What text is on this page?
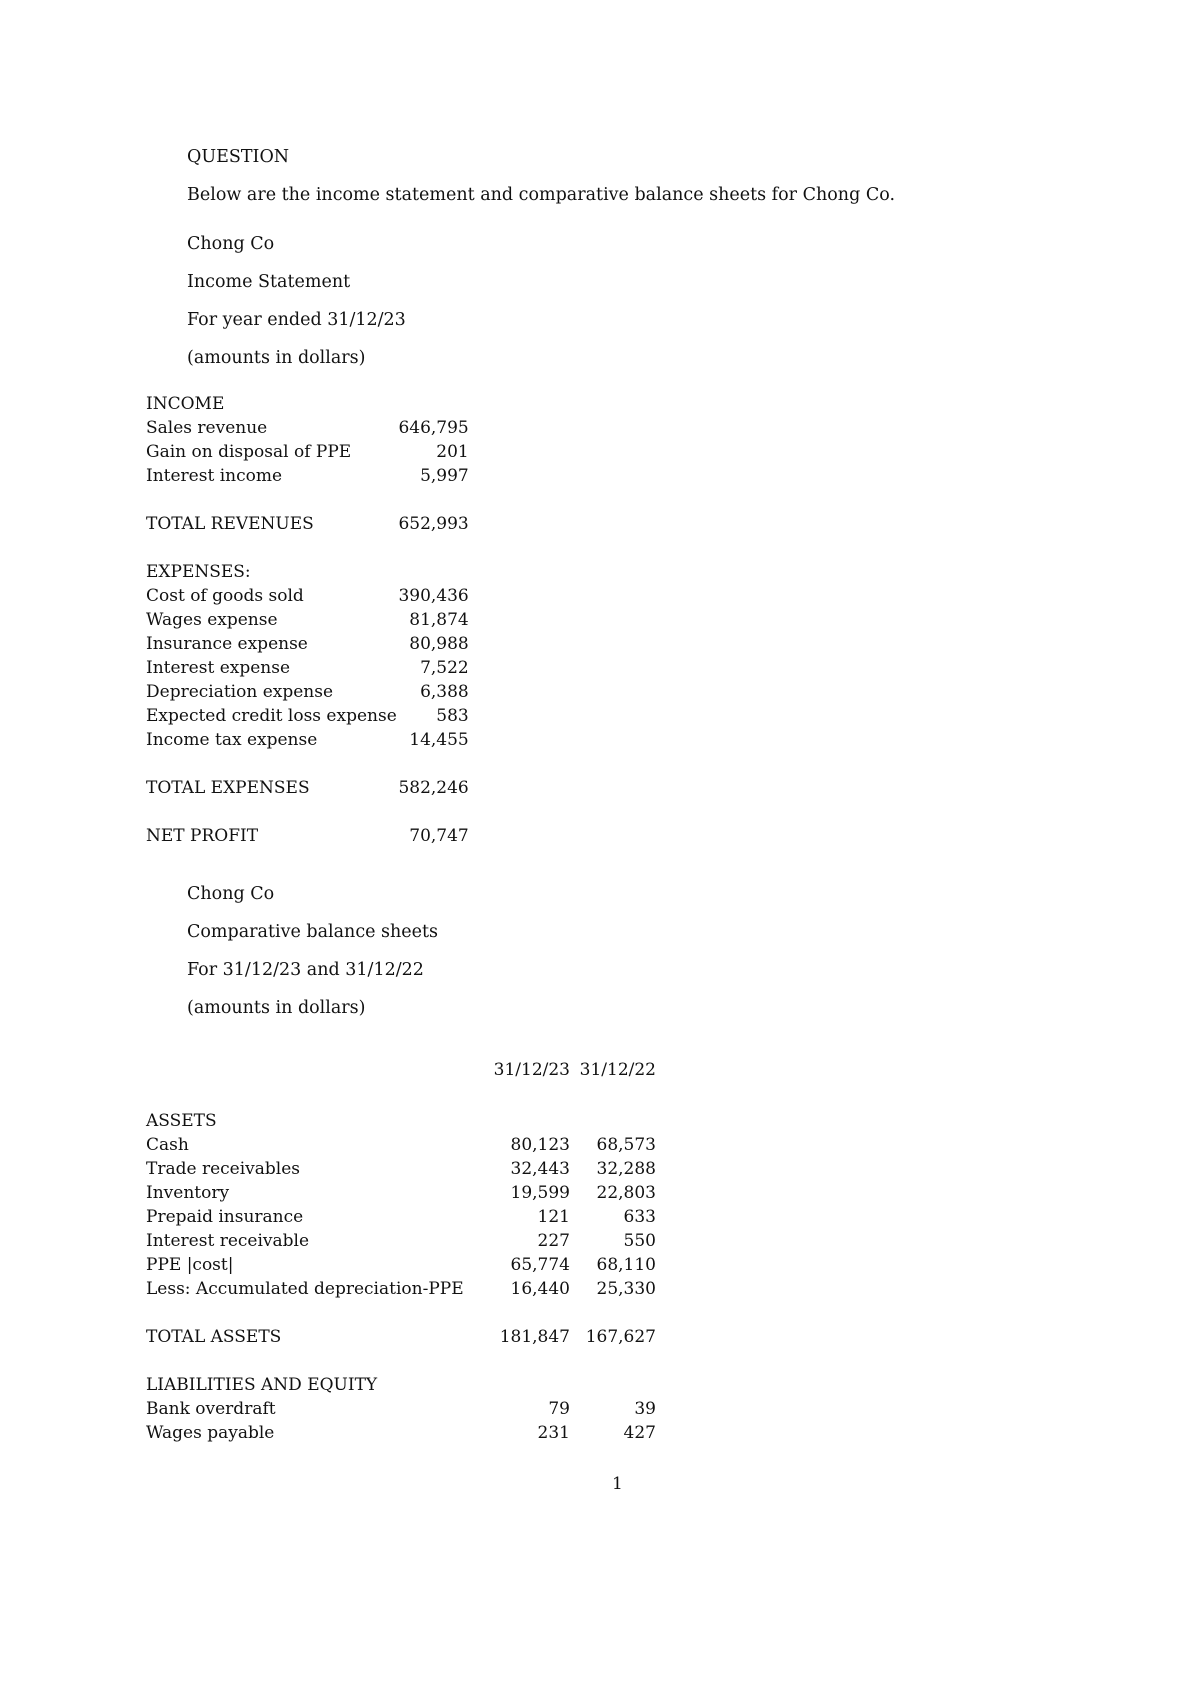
QUESTION
Below are the income statement and comparative balance sheets for Chong Co.
Chong Co
Income Statement
For year ended 31/12/23
(amounts in dollars)
INCOME	
Sales revenue	646,795
Gain on disposal of PPE	201
Interest income	5,997

TOTAL REVENUES	652,993

EXPENSES:	
Cost of goods sold	390,436
Wages expense	81,874
Insurance expense	80,988
Interest expense	7,522
Depreciation expense	6,388
Expected credit loss expense	583
Income tax expense	14,455

TOTAL EXPENSES	582,246

NET PROFIT	70,747
Chong Co
Comparative balance sheets
For 31/12/23 and 31/12/22
(amounts in dollars)
31/12/23 31/12/22
ASSETS		
Cash	80,123	68,573
Trade receivables	32,443	32,288
Inventory	19,599	22,803
Prepaid insurance	121	633
Interest receivable	227	550
PPE |cost|	65,774	68,110
Less: Accumulated depreciation-PPE	16,440	25,330

TOTAL ASSETS	181,847	167,627

LIABILITIES AND EQUITY		
Bank overdraft	79	39
Wages payable	231	427
1
